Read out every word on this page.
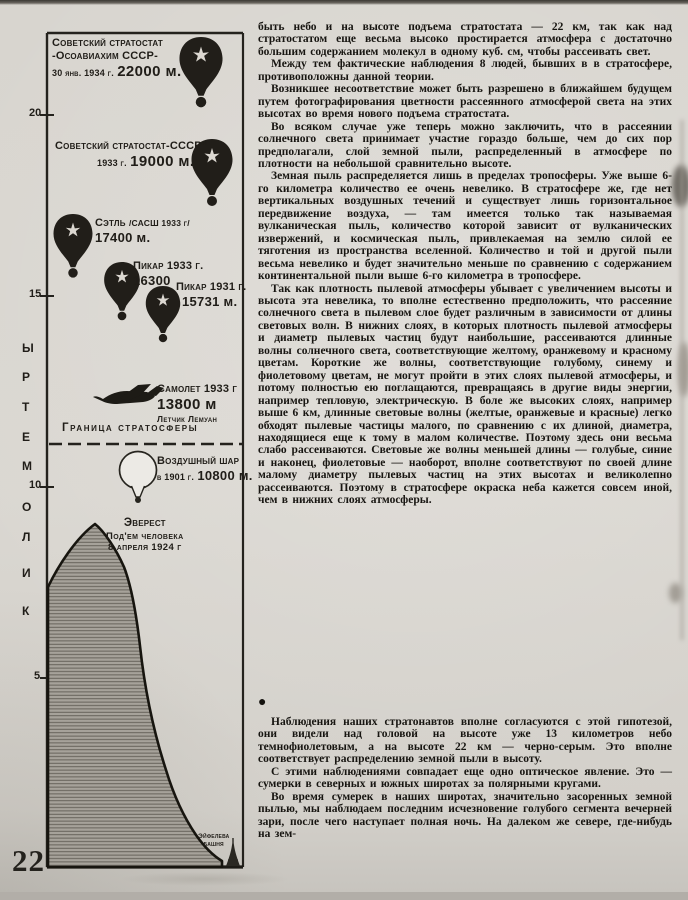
20
15
10
5
Ы
Р
Т
Е
М
О
Л
И
К
Советский стратостат
-Осоавиахим СССР-
30 янв. 1934 г. 22000 м.
Советский стратостат-СССР”
1933 г. 19000 м.
Сэтль /САСШ 1933 г/
17400 м.
Пикар 1933 г.
16300 Пикар 1931 г.
15731 м.
Самолет 1933 г
13800 м
Летчик Лемуан
Граница стратосферы
Воздушный шар
в 1901 г. 10800 м.
Эверест
Под'ем человека
8 апреля 1924 г
Эйфелева
башня
22

быть небо и на высоте подъема стратостата — 22 км, так как над стратостатом еще весьма высоко простирается атмосфера с достаточно большим содержанием молекул в одному куб. см, чтобы рассеивать свет.

Между тем фактические наблюдения 8 людей, бывших в в стратосфере, противоположны данной теории.

Возникшее несоответствие может быть разрешено в ближайшем будущем путем фотографирования цветности рассеянного атмосферой света на этих высотах во время нового подъема стратостата.

Во всяком случае уже теперь можно заключить, что в рассеянии солнечного света принимает участие гораздо больше, чем до сих пор предполагали, слой земной пыли, распределенный в атмосфере по плотности на небольшой сравнительно высоте.

Земная пыль распределяется лишь в пределах тропосферы. Уже выше 6-го километра количество ее очень невелико. В стратосфере же, где нет вертикальных воздушных течений и существует лишь горизонтальное передвижение воздуха, — там имеется только так называемая вулканическая пыль, количество которой зависит от вулканических извержений, и космическая пыль, привлекаемая на землю силой ее тяготения из пространства вселенной. Количество и той и другой пыли весьма невелико и будет значительно меньше по сравнению с содержанием континентальной пыли выше 6-го километра в тропосфере.

Так как плотность пылевой атмосферы убывает с увеличением высоты и высота эта невелика, то вполне естественно предположить, что рассеяние солнечного света в пылевом слое будет различным в зависимости от длины световых волн. В нижних слоях, в которых плотность пылевой атмосферы и диаметр пылевых частиц будут наибольшие, рассеиваются длинные волны солнечного света, соответствующие желтому, оранжевому и красному цветам. Короткие же волны, соответствующие голубому, синему и фиолетовому цветам, не могут пройти в этих слоях пылевой атмосферы, и потому полностью ею поглащаются, превращаясь в другие виды энергии, например тепловую, электрическую. В боле же высоких слоях, например выше 6 км, длинные световые волны (желтые, оранжевые и красные) легко обходят пылевые частицы малого, по сравнению с их длиной, диаметра, находящиеся еще к тому в малом количестве. Поэтому здесь они весьма слабо рассеиваются. Световые же волны меньшей длины — голубые, синие и наконец, фиолетовые — наоборот, вполне соответствуют по своей длине малому диаметру пылевых частиц на этих высотах и великолепно рассеиваются. Поэтому в стратосфере окраска неба кажется совсем иной, чем в нижних слоях атмосферы.

●

Наблюдения наших стратонавтов вполне согласуются с этой гипотезой, они видели над головой на высоте уже 13 километров небо темнофиолетовым, а на высоте 22 км — черно-серым. Это вполне соответствует распределению земной пыли в высоту.

С этими наблюдениями совпадает еще одно оптическое явление. Это — сумерки в северных и южных широтах за полярными кругами.

Во время сумерек в наших широтах, значительно засоренных земной пылью, мы наблюдаем последним исчезновение голубого сегмента вечерней зари, после чего наступает полная ночь. На далеком же севере, где-нибудь на зем-
